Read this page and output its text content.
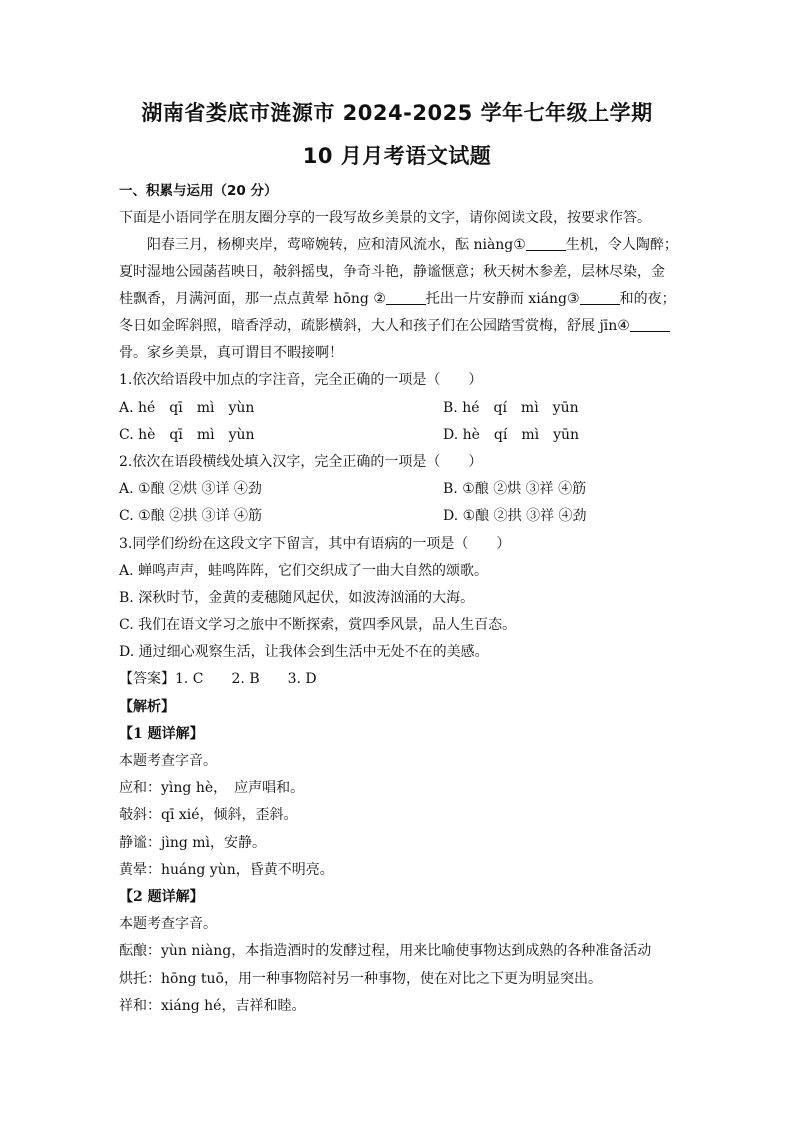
湖南省娄底市涟源市 2024-2025 学年七年级上学期
10 月月考语文试题
一、积累与运用（20 分）
下面是小语同学在朋友圈分享的一段写故乡美景的文字，请你阅读文段，按要求作答。
阳春三月，杨柳夹岸，莺啼婉转，应和清风流水，酝 niàng①	生机，令人陶醉；
夏时湿地公园菡萏映日，攲斜摇曳，争奇斗艳，静谧惬意；秋天树木参差，层林尽染，金
桂飘香，月满河面，那一点点黄晕 hōng ②	托出一片安静而 xiáng③	和的夜；
冬日如金晖斜照，暗香浮动，疏影横斜，大人和孩子们在公园踏雪赏梅，舒展 jīn④
骨。家乡美景，真可谓目不暇接啊！
1.依次给语段中加点的字注音，完全正确的一项是（　　）
A. hé　qī　mì　yùn	B. hé　qí　mì　yūn
C. hè　qī　mì　yùn	D. hè　qí　mì　yūn
2.依次在语段横线处填入汉字，完全正确的一项是（　　）
A. ①酿 ②烘 ③详 ④劲	B. ①酿 ②烘 ③祥 ④筋
C. ①酿 ②拱 ③详 ④筋	D. ①酿 ②拱 ③祥 ④劲
3.同学们纷纷在这段文字下留言，其中有语病的一项是（　　）
A. 蝉鸣声声，蛙鸣阵阵，它们交织成了一曲大自然的颂歌。
B. 深秋时节，金黄的麦穗随风起伏，如波涛汹涌的大海。
C. 我们在语文学习之旅中不断探索，赏四季风景，品人生百态。
D. 通过细心观察生活，让我体会到生活中无处不在的美感。
【答案】1. C　　2. B　　3. D
【解析】
【1 题详解】
本题考查字音。
应和：yìng hè，　应声唱和。
攲斜：qī xié，倾斜，歪斜。
静谧：jìng mì，安静。
黄晕：huáng yùn，昏黄不明亮。
【2 题详解】
本题考查字音。
酝酿：yùn niàng，本指造酒时的发酵过程，用来比喻使事物达到成熟的各种准备活动
烘托：hōng tuō，用一种事物陪衬另一种事物，使在对比之下更为明显突出。
祥和：xiáng hé，吉祥和睦。
